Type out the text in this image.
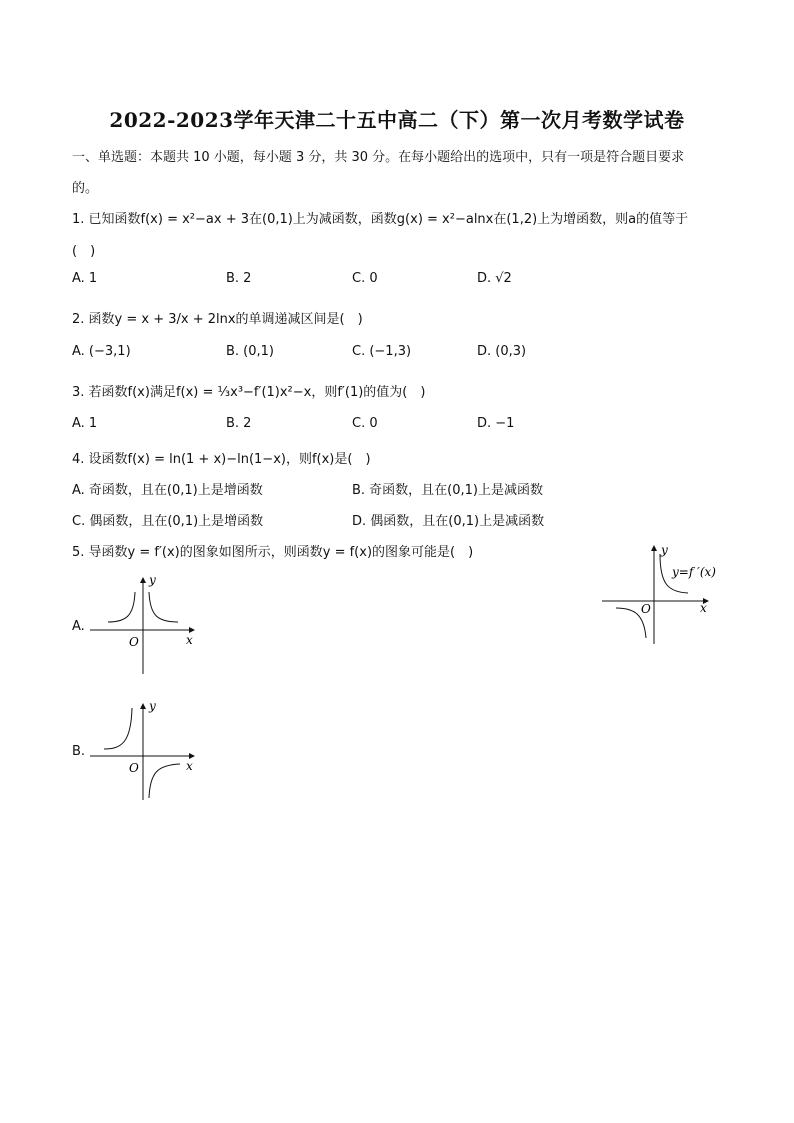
2022-2023学年天津二十五中高二（下）第一次月考数学试卷
一、单选题：本题共 10 小题，每小题 3 分，共 30 分。在每小题给出的选项中，只有一项是符合题目要求
的。
1. 已知函数f(x) = x²−ax + 3在(0,1)上为减函数，函数g(x) = x²−alnx在(1,2)上为增函数，则a的值等于
(　)
A. 1	B. 2	C. 0	D. √2
2. 函数y = x + 3/x + 2lnx的单调递减区间是(　)
A. (−3,1)	B. (0,1)	C. (−1,3)	D. (0,3)
3. 若函数f(x)满足f(x) = ⅓x³−f′(1)x²−x，则f′(1)的值为(　)
A. 1	B. 2	C. 0	D. −1
4. 设函数f(x) = ln(1 + x)−ln(1−x)，则f(x)是(　)
A. 奇函数，且在(0,1)上是增函数	B. 奇函数，且在(0,1)上是减函数
C. 偶函数，且在(0,1)上是增函数	D. 偶函数，且在(0,1)上是减函数
5. 导函数y = f′(x)的图象如图所示，则函数y = f(x)的图象可能是(　)	y
x
O
y=f ′(x)
A.
y
x
O
B.
y
x
O
